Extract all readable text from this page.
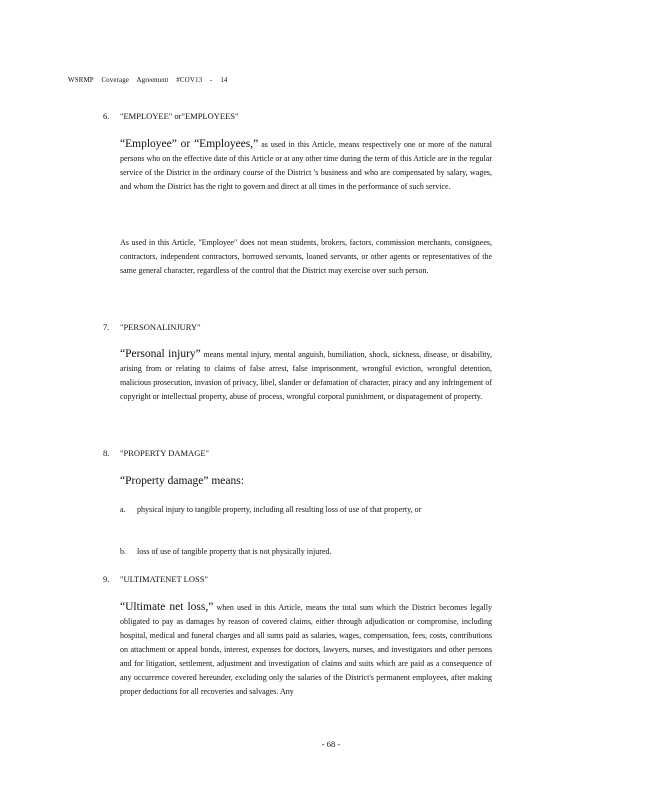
WSRMP Coverage Agreement #COV13 - 14
6. "EMPLOYEE" or"EMPLOYEES"
“Employee” or “Employees,” as used in this Article, means respectively one or more of the natural persons who on the effective date of this Article or at any other time during the term of this Article are in the regular service of the District in the ordinary course of the District 's business and who are compensated by salary, wages, and whom the District has the right to govern and direct at all times in the performance of such service.
As used in this Article, "Employee" does not mean students, brokers, factors, commission merchants, consignees, contractors, independent contractors, borrowed servants, loaned servants, or other agents or representatives of the same general character, regardless of the control that the District may exercise over such person.
7. "PERSONALINJURY"
“Personal injury” means mental injury, mental anguish, humiliation, shock, sickness, disease, or disability, arising from or relating to claims of false arrest, false imprisonment, wrongful eviction, wrongful detention, malicious prosecution, invasion of privacy, libel, slander or defamation of character, piracy and any infringement of copyright or intellectual property, abuse of process, wrongful corporal punishment, or disparagement of property.
8. "PROPERTY DAMAGE"
“Property damage” means:
a. physical injury to tangible property, including all resulting loss of use of that property, or
b. loss of use of tangible property that is not physically injured.
9. "ULTIMATENET LOSS"
“Ultimate net loss,” when used in this Article, means the total sum which the District becomes legally obligated to pay as damages by reason of covered claims, either through adjudication or compromise, including hospital, medical and funeral charges and all sums paid as salaries, wages, compensation, fees, costs, contributions on attachment or appeal bonds, interest, expenses for doctors, lawyers, nurses, and investigators and other persons and for litigation, settlement, adjustment and investigation of claims and suits which are paid as a consequence of any occurrence covered hereunder, excluding only the salaries of the District's permanent employees, after making proper deductions for all recoveries and salvages. Any
- 68 -
